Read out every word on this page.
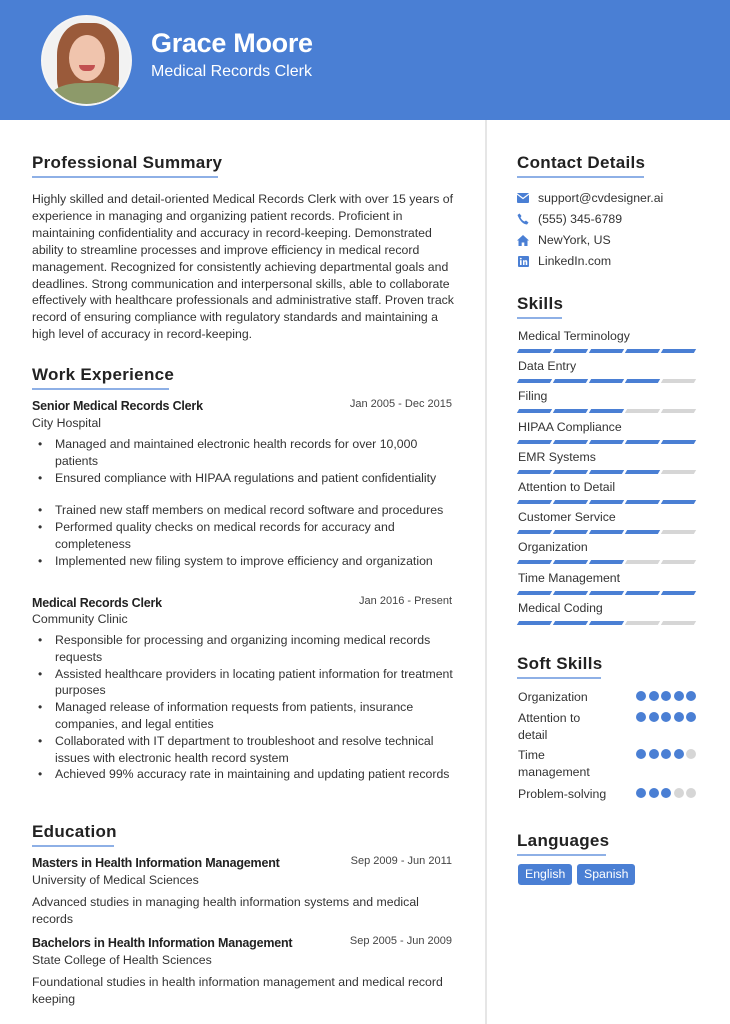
Grace Moore
Medical Records Clerk
Professional Summary
Highly skilled and detail-oriented Medical Records Clerk with over 15 years of experience in managing and organizing patient records. Proficient in maintaining confidentiality and accuracy in record-keeping. Demonstrated ability to streamline processes and improve efficiency in medical record management. Recognized for consistently achieving departmental goals and deadlines. Strong communication and interpersonal skills, able to collaborate effectively with healthcare professionals and administrative staff. Proven track record of ensuring compliance with regulatory standards and maintaining a high level of accuracy in record-keeping.
Work Experience
Senior Medical Records Clerk	Jan 2005 - Dec 2015
City Hospital
• Managed and maintained electronic health records for over 10,000 patients
• Ensured compliance with HIPAA regulations and patient confidentiality
• Trained new staff members on medical record software and procedures
• Performed quality checks on medical records for accuracy and completeness
• Implemented new filing system to improve efficiency and organization
Medical Records Clerk	Jan 2016 - Present
Community Clinic
• Responsible for processing and organizing incoming medical records requests
• Assisted healthcare providers in locating patient information for treatment purposes
• Managed release of information requests from patients, insurance companies, and legal entities
• Collaborated with IT department to troubleshoot and resolve technical issues with electronic health record system
• Achieved 99% accuracy rate in maintaining and updating patient records
Education
Masters in Health Information Management	Sep 2009 - Jun 2011
University of Medical Sciences
Advanced studies in managing health information systems and medical records
Bachelors in Health Information Management	Sep 2005 - Jun 2009
State College of Health Sciences
Foundational studies in health information management and medical record keeping
Contact Details
support@cvdesigner.ai
(555) 345-6789
NewYork, US
LinkedIn.com
Skills
Medical Terminology
Data Entry
Filing
HIPAA Compliance
EMR Systems
Attention to Detail
Customer Service
Organization
Time Management
Medical Coding
Soft Skills
Organization
Attention to detail
Time management
Problem-solving
Languages
English	Spanish
